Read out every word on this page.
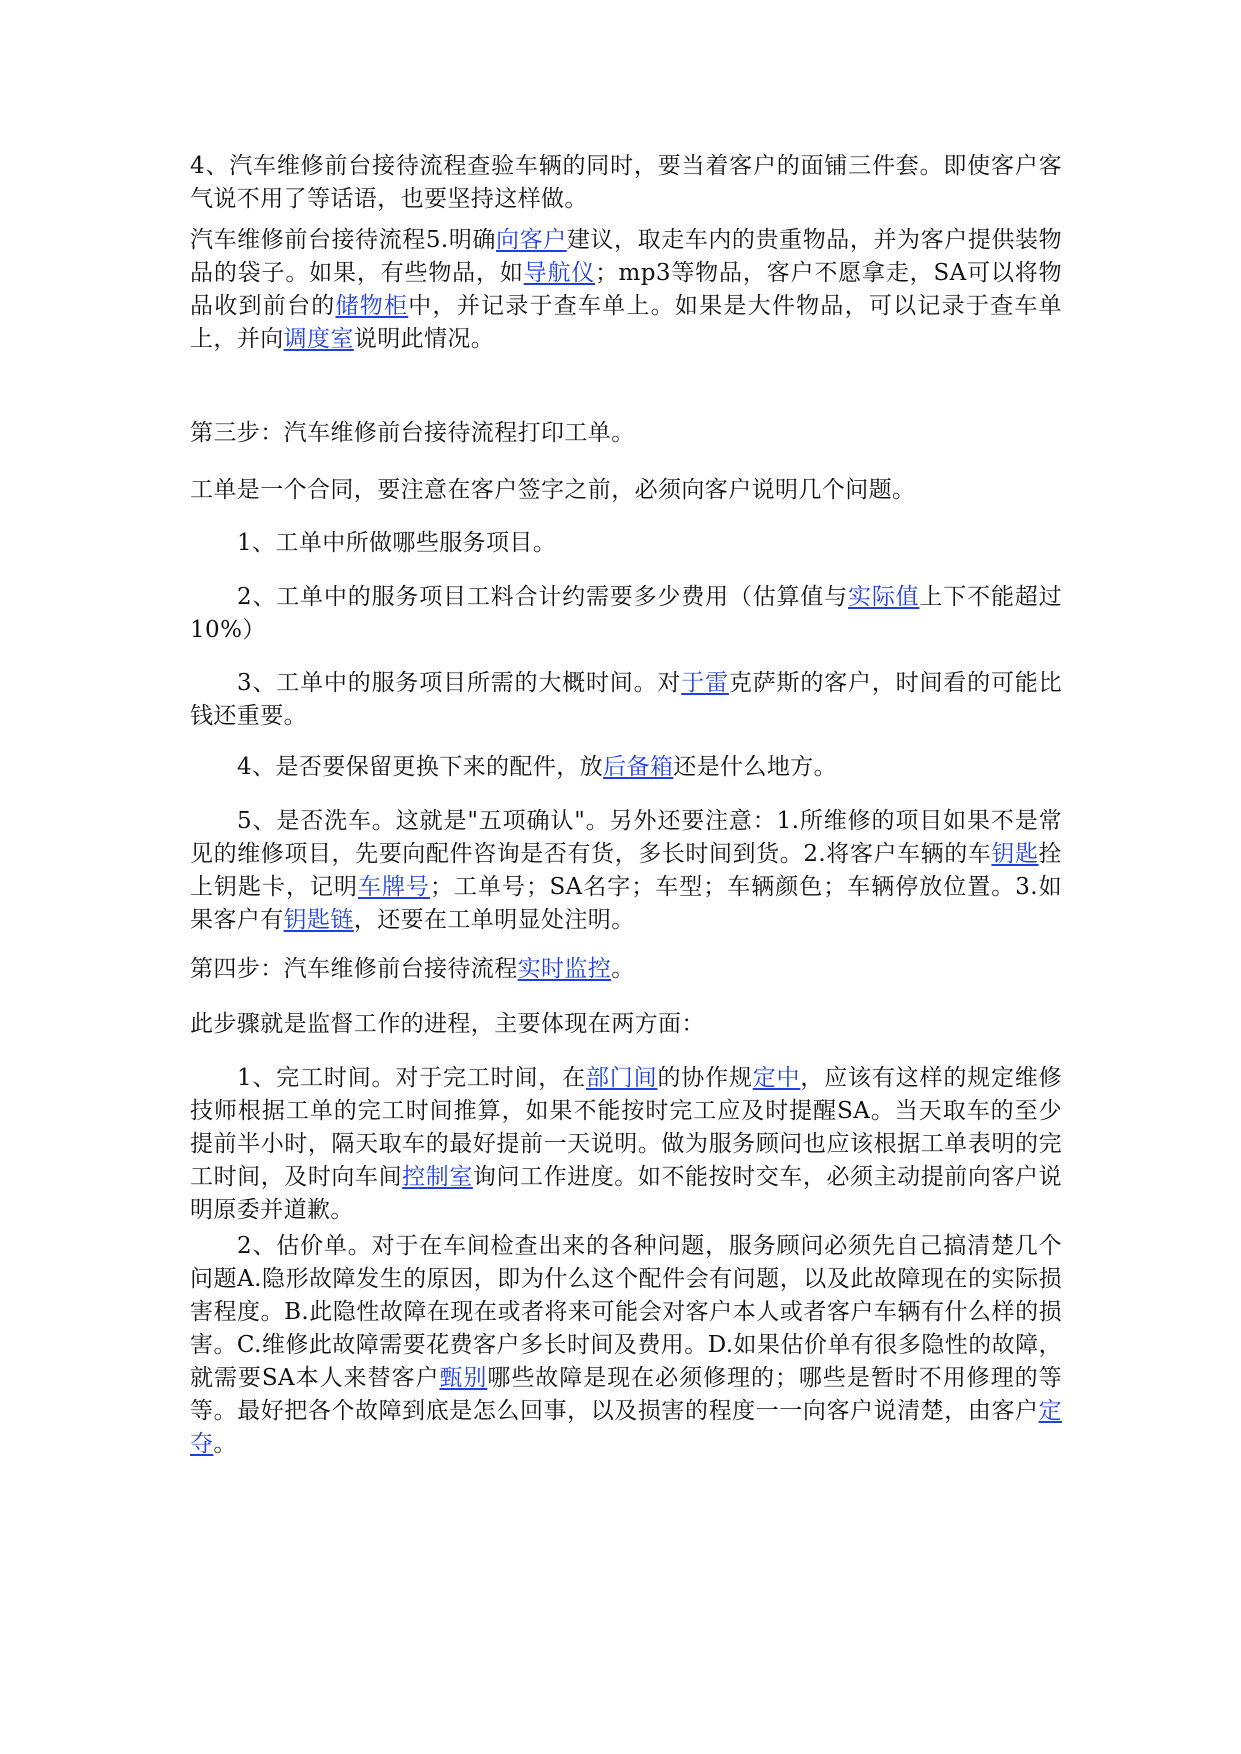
4、汽车维修前台接待流程查验车辆的同时，要当着客户的面铺三件套。即使客户客气说不用了等话语，也要坚持这样做。

汽车维修前台接待流程5.明确向客户建议，取走车内的贵重物品，并为客户提供装物品的袋子。如果，有些物品，如导航仪；mp3等物品，客户不愿拿走，SA可以将物品收到前台的储物柜中，并记录于查车单上。如果是大件物品，可以记录于查车单上，并向调度室说明此情况。

第三步：汽车维修前台接待流程打印工单。

工单是一个合同，要注意在客户签字之前，必须向客户说明几个问题。

1、工单中所做哪些服务项目。

2、工单中的服务项目工料合计约需要多少费用（估算值与实际值上下不能超过10%）

3、工单中的服务项目所需的大概时间。对于雷克萨斯的客户，时间看的可能比钱还重要。

4、是否要保留更换下来的配件，放后备箱还是什么地方。

5、是否洗车。这就是"五项确认"。另外还要注意：1.所维修的项目如果不是常见的维修项目，先要向配件咨询是否有货，多长时间到货。2.将客户车辆的车钥匙拴上钥匙卡，记明车牌号；工单号；SA名字；车型；车辆颜色；车辆停放位置。3.如果客户有钥匙链，还要在工单明显处注明。

第四步：汽车维修前台接待流程实时监控。

此步骤就是监督工作的进程，主要体现在两方面：

1、完工时间。对于完工时间，在部门间的协作规定中，应该有这样的规定维修技师根据工单的完工时间推算，如果不能按时完工应及时提醒SA。当天取车的至少提前半小时，隔天取车的最好提前一天说明。做为服务顾问也应该根据工单表明的完工时间，及时向车间控制室询问工作进度。如不能按时交车，必须主动提前向客户说明原委并道歉。

2、估价单。对于在车间检查出来的各种问题，服务顾问必须先自己搞清楚几个问题A.隐形故障发生的原因，即为什么这个配件会有问题，以及此故障现在的实际损害程度。B.此隐性故障在现在或者将来可能会对客户本人或者客户车辆有什么样的损害。C.维修此故障需要花费客户多长时间及费用。D.如果估价单有很多隐性的故障，就需要SA本人来替客户甄别哪些故障是现在必须修理的；哪些是暂时不用修理的等等。最好把各个故障到底是怎么回事，以及损害的程度一一向客户说清楚，由客户定夺。
